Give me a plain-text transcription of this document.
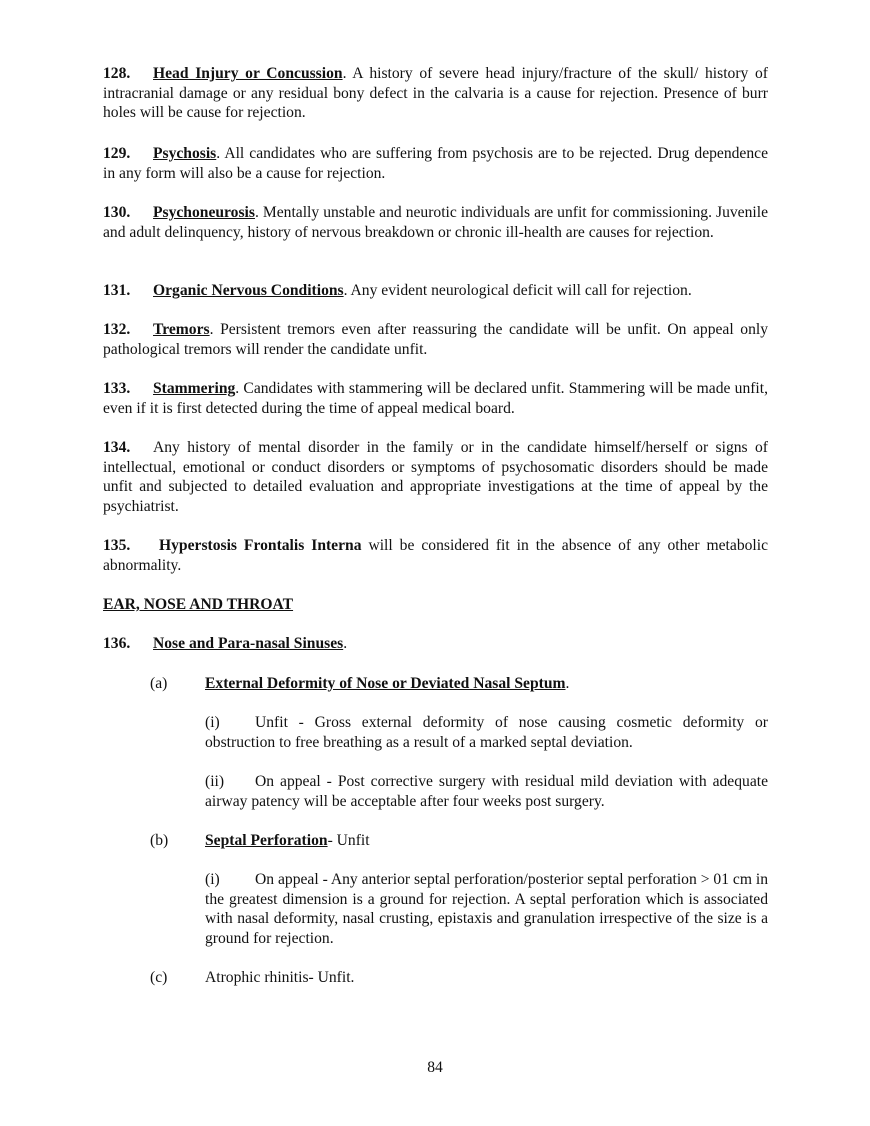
128. Head Injury or Concussion. A history of severe head injury/fracture of the skull/ history of intracranial damage or any residual bony defect in the calvaria is a cause for rejection. Presence of burr holes will be cause for rejection.

129. Psychosis. All candidates who are suffering from psychosis are to be rejected. Drug dependence in any form will also be a cause for rejection.

130. Psychoneurosis. Mentally unstable and neurotic individuals are unfit for commissioning. Juvenile and adult delinquency, history of nervous breakdown or chronic ill-health are causes for rejection.

131. Organic Nervous Conditions. Any evident neurological deficit will call for rejection.

132. Tremors. Persistent tremors even after reassuring the candidate will be unfit. On appeal only pathological tremors will render the candidate unfit.

133. Stammering. Candidates with stammering will be declared unfit. Stammering will be made unfit, even if it is first detected during the time of appeal medical board.

134. Any history of mental disorder in the family or in the candidate himself/herself or signs of intellectual, emotional or conduct disorders or symptoms of psychosomatic disorders should be made unfit and subjected to detailed evaluation and appropriate investigations at the time of appeal by the psychiatrist.

135. Hyperstosis Frontalis Interna will be considered fit in the absence of any other metabolic abnormality.

EAR, NOSE AND THROAT

136. Nose and Para-nasal Sinuses.

(a) External Deformity of Nose or Deviated Nasal Septum.

(i) Unfit - Gross external deformity of nose causing cosmetic deformity or obstruction to free breathing as a result of a marked septal deviation.

(ii) On appeal - Post corrective surgery with residual mild deviation with adequate airway patency will be acceptable after four weeks post surgery.

(b) Septal Perforation- Unfit

(i) On appeal - Any anterior septal perforation/posterior septal perforation > 01 cm in the greatest dimension is a ground for rejection. A septal perforation which is associated with nasal deformity, nasal crusting, epistaxis and granulation irrespective of the size is a ground for rejection.

(c) Atrophic rhinitis- Unfit.

84
